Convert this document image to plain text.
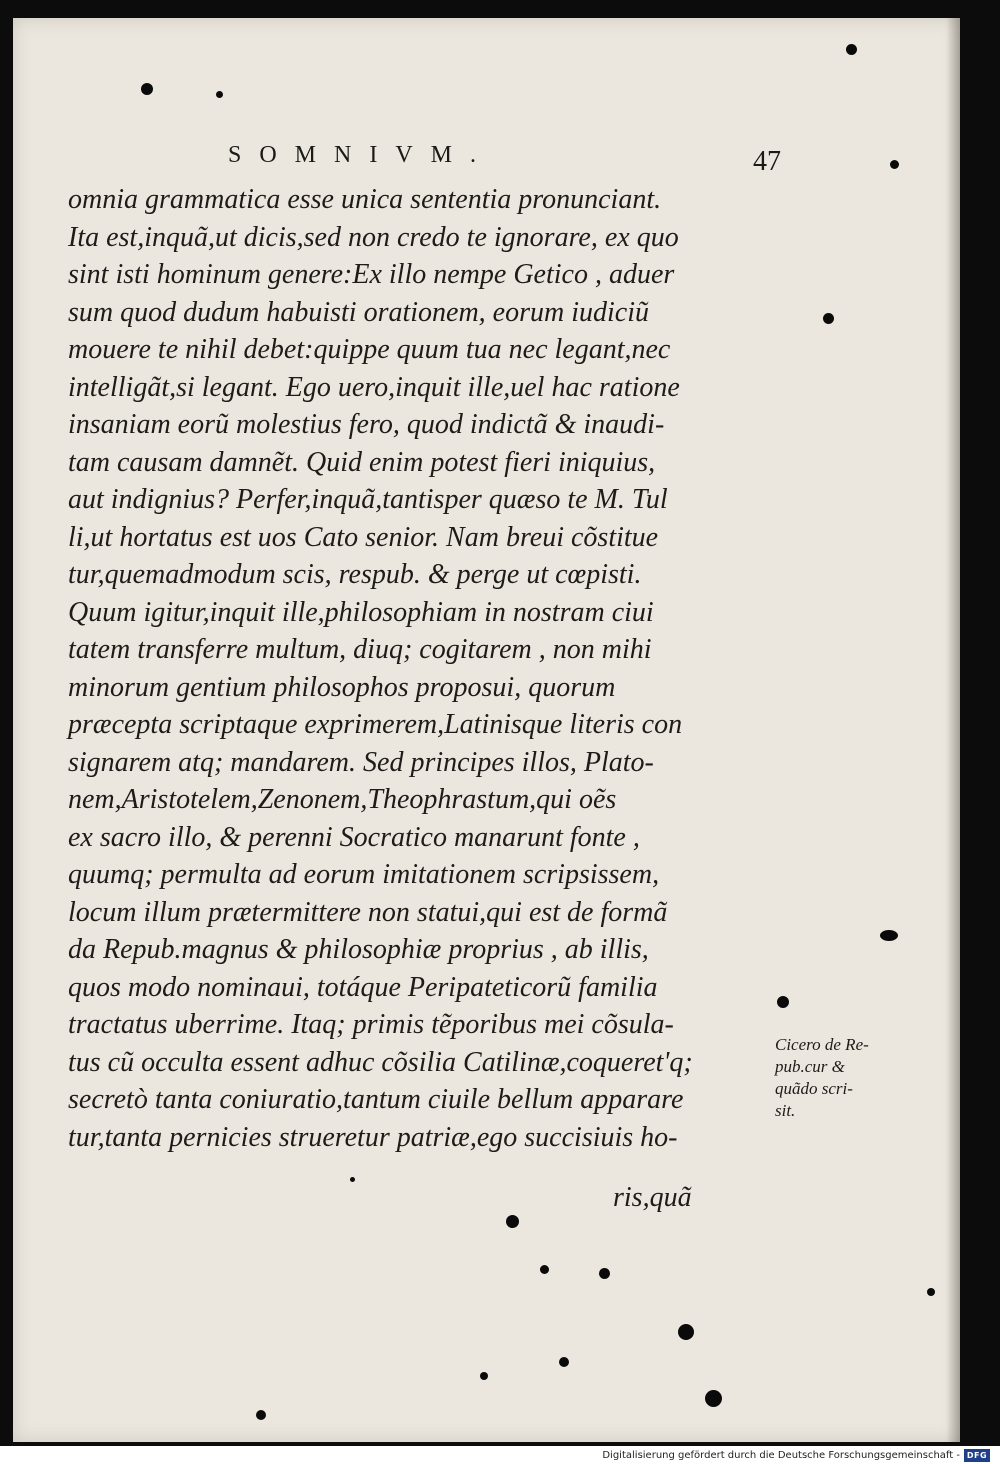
SOMNIVM.	47
omnia grammatica esse unica sententia pronunciant.
Ita est,inquã,ut dicis,sed non credo te ignorare, ex quo
sint isti hominum genere:Ex illo nempe Getico , aduer
sum quod dudum habuisti orationem, eorum iudiciũ
mouere te nihil debet:quippe quum tua nec legant,nec
intelligãt,si legant. Ego uero,inquit ille,uel hac ratione
insaniam eorũ molestius fero, quod indictã & inaudi-
tam causam damnẽt. Quid enim potest fieri iniquius,
aut indignius? Perfer,inquã,tantisper quæso te M. Tul
li,ut hortatus est uos Cato senior. Nam breui cõstitue
tur,quemadmodum scis, respub. & perge ut cœpisti.
Quum igitur,inquit ille,philosophiam in nostram ciui
tatem transferre multum, diuq; cogitarem , non mihi
minorum gentium philosophos proposui, quorum
præcepta scriptaque exprimerem,Latinisque literis con
signarem atq; mandarem. Sed principes illos, Plato-
nem,Aristotelem,Zenonem,Theophrastum,qui oẽs
ex sacro illo, & perenni Socratico manarunt fonte ,
quumq; permulta ad eorum imitationem scripsissem,
locum illum prætermittere non statui,qui est de formã
da Repub.magnus & philosophiæ proprius , ab illis,
quos modo nominaui, totáque Peripateticorũ familia
tractatus uberrime. Itaq; primis tẽporibus mei cõsula-
tus cũ occulta essent adhuc cõsilia Catilinæ,coqueret'q;
secretò tanta coniuratio,tantum ciuile bellum apparare
tur,tanta pernicies strueretur patriæ,ego succisiuis ho-
ris,quã
Cicero de Re-
pub.cur &
quãdo scri-
sit.
Digitalisierung gefördert durch die Deutsche Forschungsgemeinschaft - DFG
